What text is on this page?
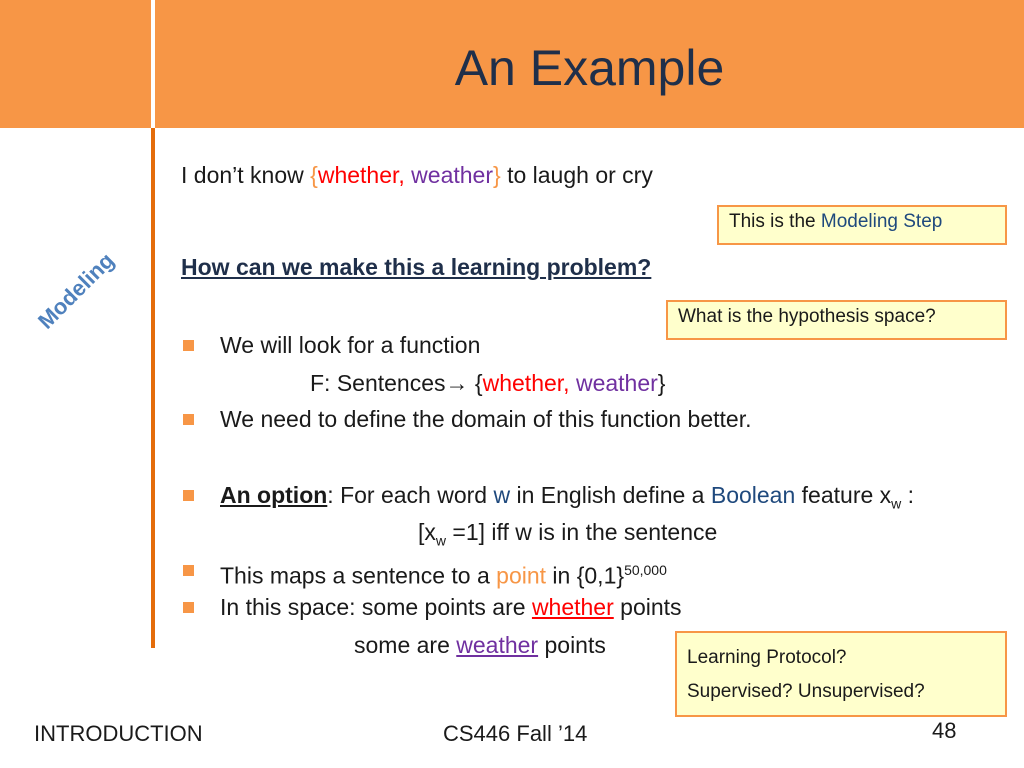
An Example
Modeling
I don’t know {whether, weather} to laugh or cry
This is the Modeling Step
How can we make this a learning problem?
What is the hypothesis space?
We will look for a function
F: Sentences→ {whether, weather}
We need to define the domain of this function better.
An option: For each word w in English define a Boolean feature $x_w$ :
$[x_w =1]$ iff w is in the sentence
This maps a sentence to a point in $\{0,1\}^{50,000}$
In this space: some points are whether points
some are weather points	Learning Protocol?
Supervised? Unsupervised?
INTRODUCTION	CS446 Fall ’14	48
